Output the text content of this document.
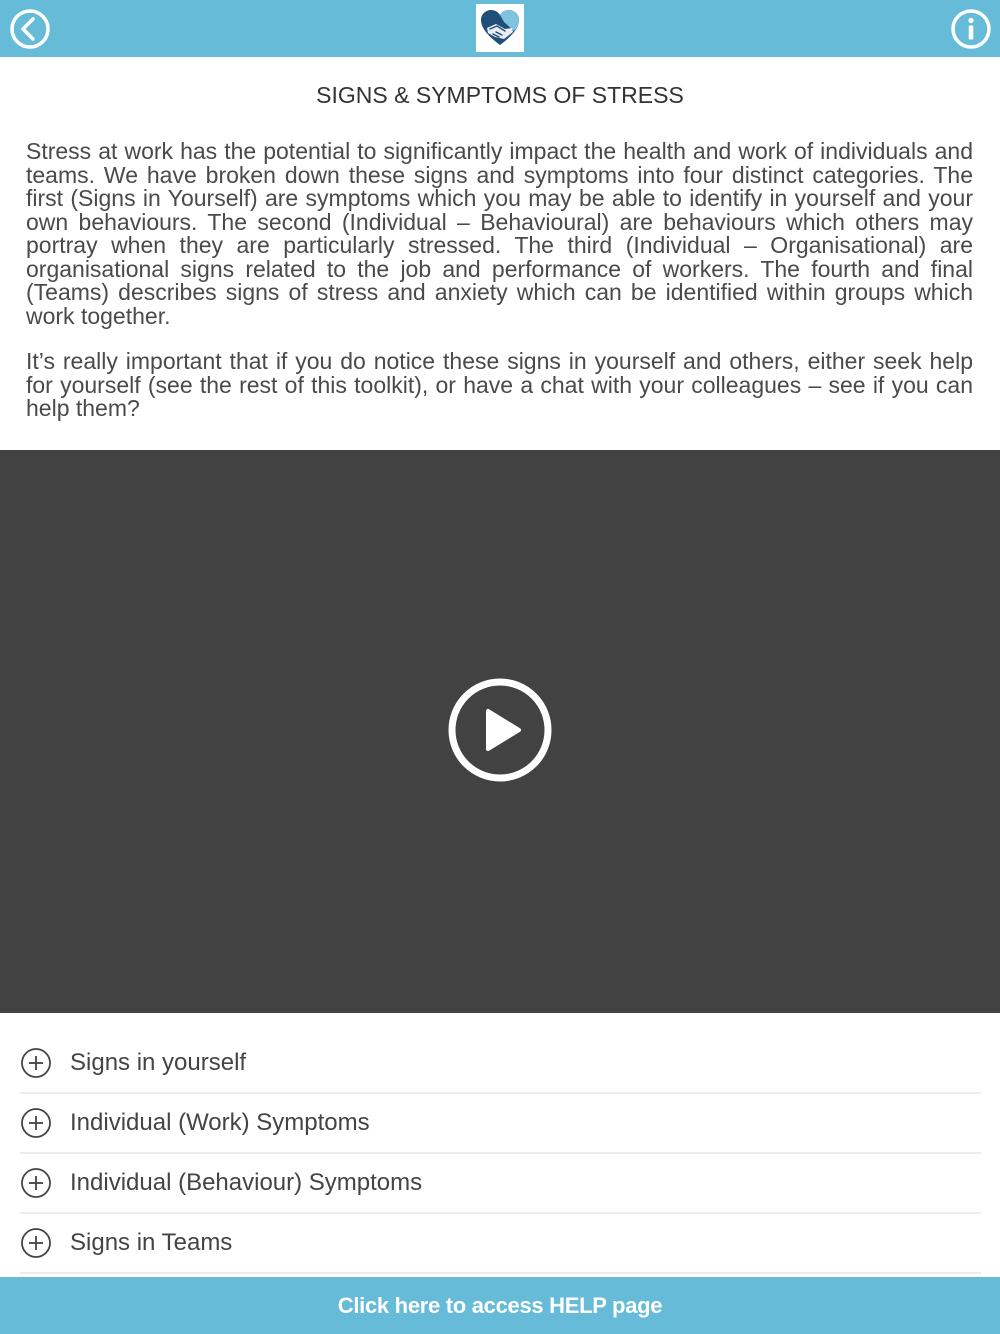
SIGNS & SYMPTOMS OF STRESS

Stress at work has the potential to significantly impact the health and work of individuals and teams. We have broken down these signs and symptoms into four distinct categories. The first (Signs in Yourself) are symptoms which you may be able to identify in yourself and your own behaviours. The second (Individual – Behavioural) are behaviours which others may portray when they are particularly stressed. The third (Individual – Organisational) are organisational signs related to the job and performance of workers. The fourth and final (Teams) describes signs of stress and anxiety which can be identified within groups which work together.

It’s really important that if you do notice these signs in yourself and others, either seek help for yourself (see the rest of this toolkit), or have a chat with your colleagues – see if you can help them?

Signs in yourself
Individual (Work) Symptoms
Individual (Behaviour) Symptoms
Signs in Teams
Click here to access HELP page
